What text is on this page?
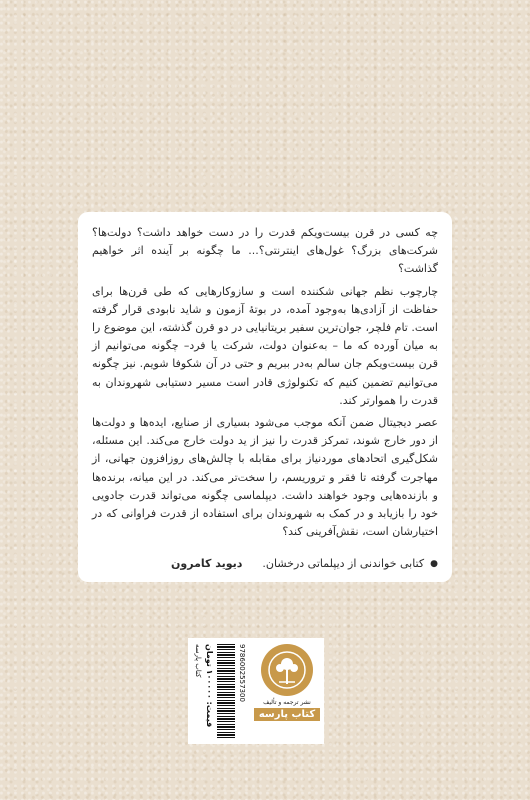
چه کسی در قرن بیست‌ویکم قدرت را در دست خواهد داشت؟ دولت‌ها؟ شرکت‌های بزرگ؟ غول‌های اینترنتی؟... ما چگونه بر آینده اثر خواهیم گذاشت؟

چارچوب نظم جهانی شکننده است و سازوکارهایی که طی قرن‌ها برای حفاظت از آزادی‌ها به‌وجود آمده، در بوتهٔ آزمون و شاید نابودی قرار گرفته است. تام فلچر، جوان‌ترین سفیر بریتانیایی در دو قرن گذشته، این موضوع را به میان آورده که ما – به‌عنوان دولت، شرکت یا فرد– چگونه می‌توانیم از قرن بیست‌ویکم جان سالم به‌در ببریم و حتی در آن شکوفا شویم. نیز چگونه می‌توانیم تضمین کنیم که تکنولوژی قادر است مسیر دستیابی شهروندان به قدرت را هموارتر کند.

عصر دیجیتال ضمن آنکه موجب می‌شود بسیاری از صنایع، ایده‌ها و دولت‌ها از دور خارج شوند، تمرکز قدرت را نیز از ید دولت خارج می‌کند. این مسئله، شکل‌گیری اتحادهای موردنیاز برای مقابله با چالش‌های روزافزون جهانی، از مهاجرت گرفته تا فقر و تروریسم، را سخت‌تر می‌کند. در این میانه، برنده‌ها و بازنده‌هایی وجود خواهند داشت. دیپلماسی چگونه می‌تواند قدرت جادویی خود را بازیابد و در کمک به شهروندان برای استفاده از قدرت فراوانی که در اختیارشان است، نقش‌آفرینی کند؟

●
کتابی خواندنی از دیپلماتی درخشان.
دیوید کامرون
نشر ترجمه و تألیف
کتاب پارسه
کتاب پارسه قیمت: ۱۰۰۰۰۰ تومان
9786002557300
